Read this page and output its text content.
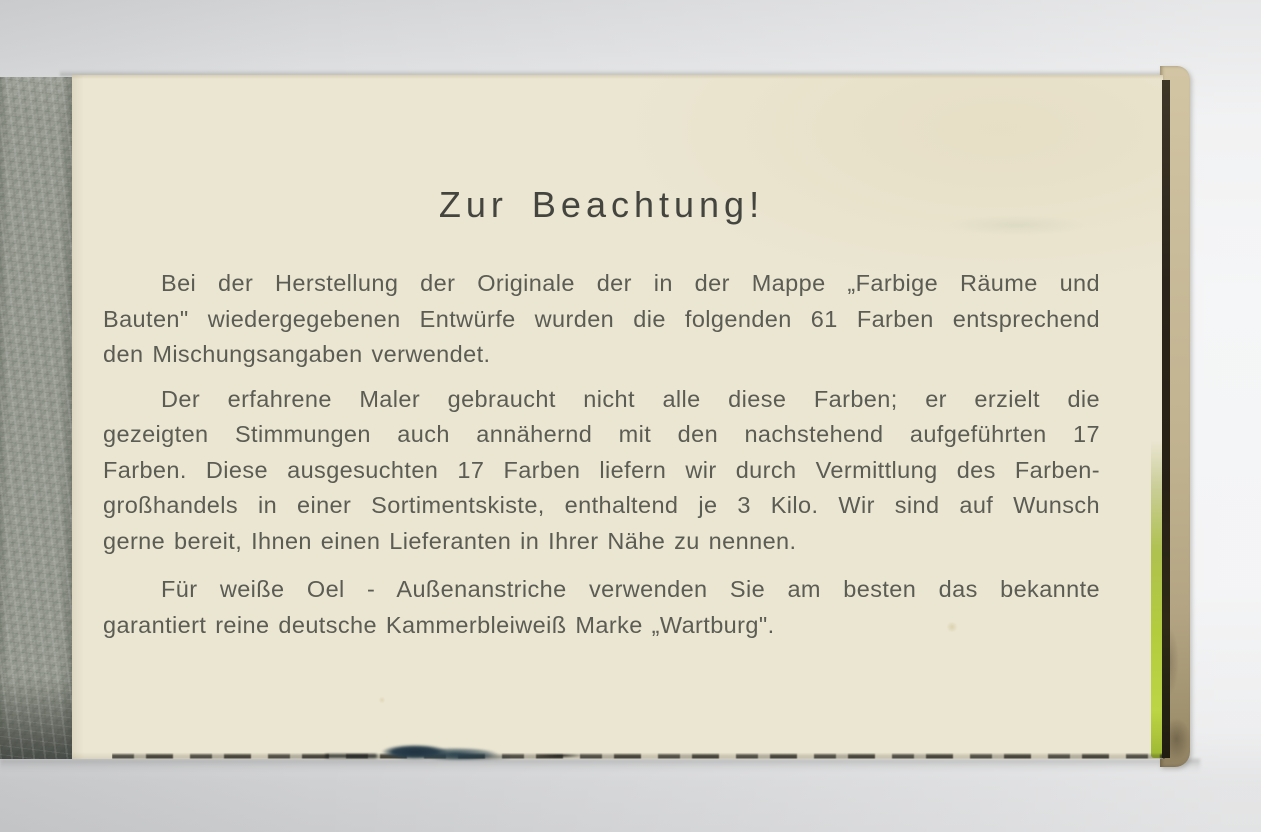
Zur Beachtung!
Bei der Herstellung der Originale der in der Mappe „Farbige Räume und
Bauten" wiedergegebenen Entwürfe wurden die folgenden 61 Farben entsprechend
den Mischungsangaben verwendet.
Der erfahrene Maler gebraucht nicht alle diese Farben; er erzielt die
gezeigten Stimmungen auch annähernd mit den nachstehend aufgeführten 17
Farben. Diese ausgesuchten 17 Farben liefern wir durch Vermittlung des Farben-
großhandels in einer Sortimentskiste, enthaltend je 3 Kilo. Wir sind auf Wunsch
gerne bereit, Ihnen einen Lieferanten in Ihrer Nähe zu nennen.
Für weiße Oel - Außenanstriche verwenden Sie am besten das bekannte
garantiert reine deutsche Kammerbleiweiß Marke „Wartburg".
